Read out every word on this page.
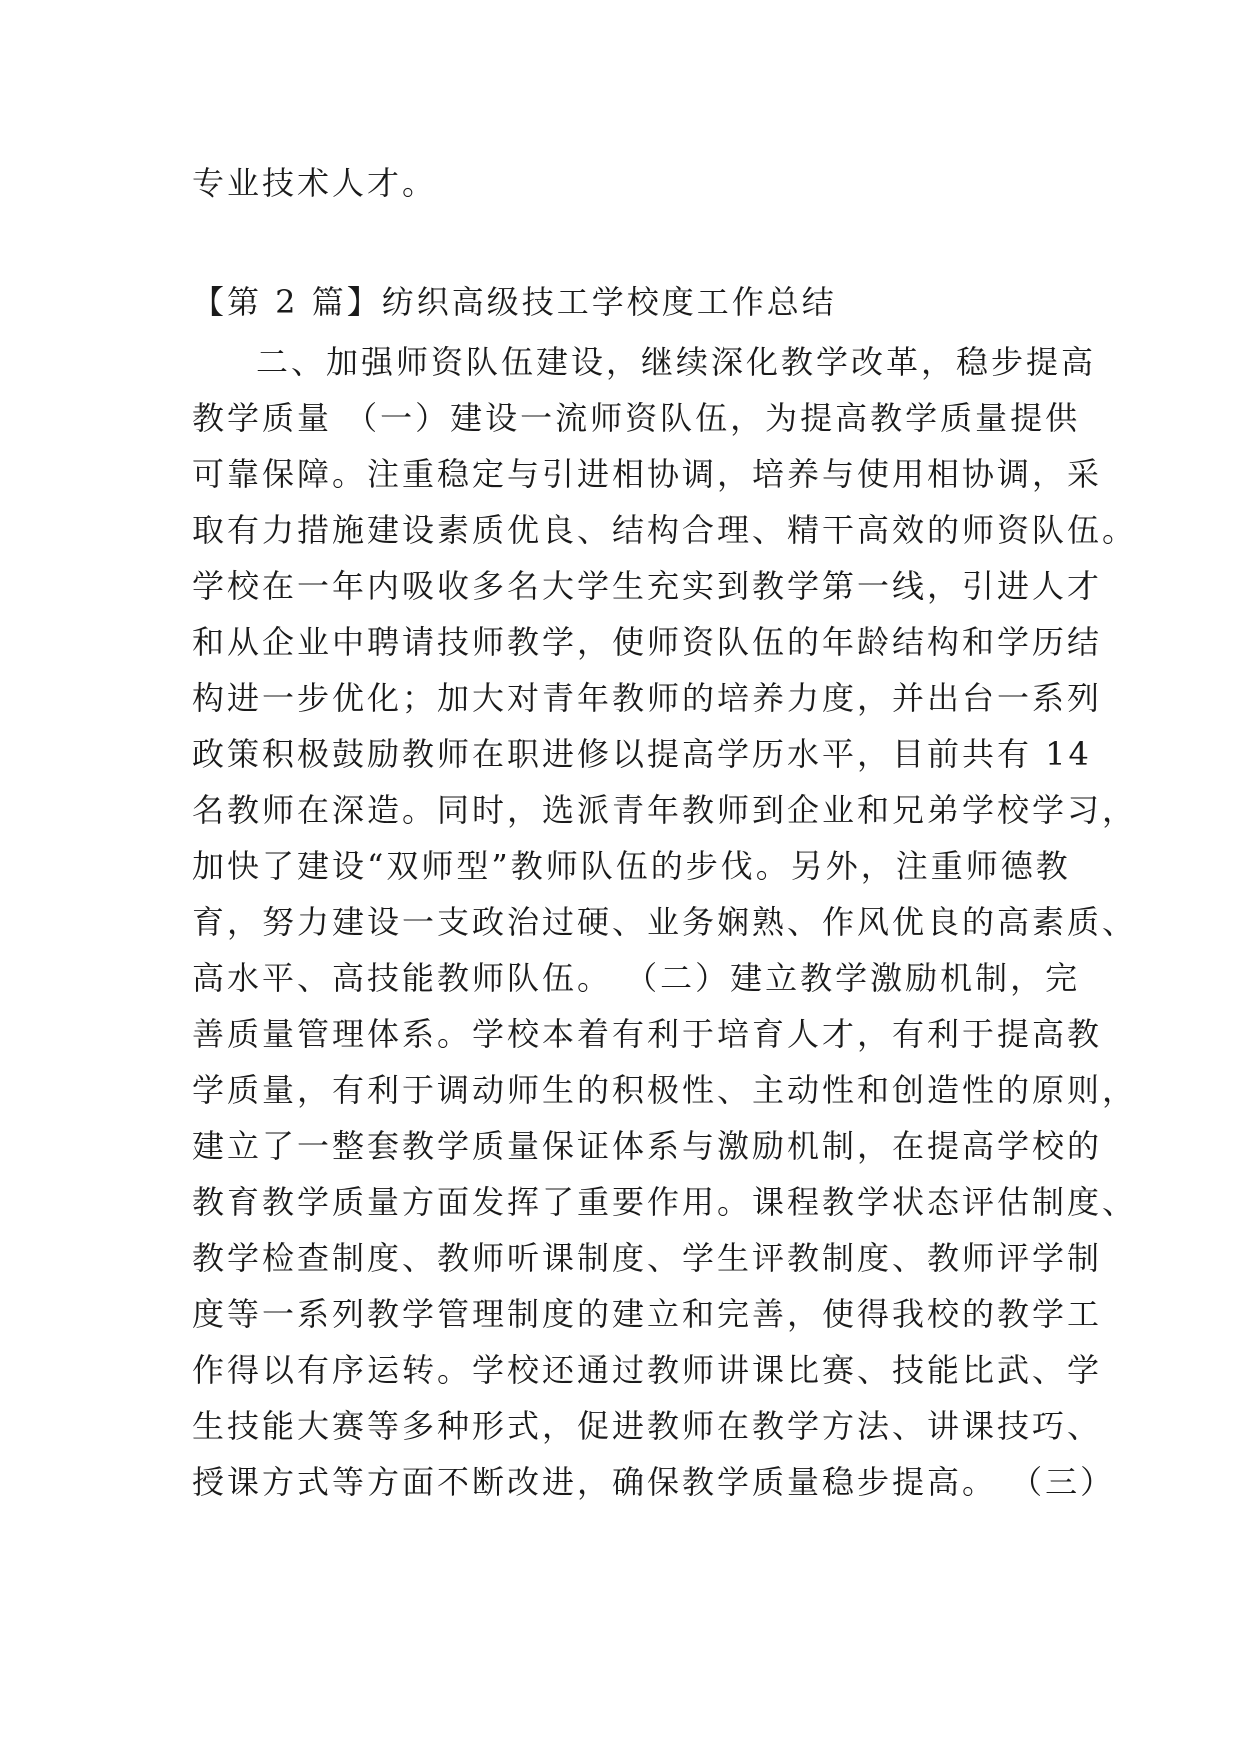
专业技术人才。
【第 2 篇】纺织高级技工学校度工作总结
二、加强师资队伍建设，继续深化教学改革，稳步提高
教学质量 （一）建设一流师资队伍，为提高教学质量提供
可靠保障。注重稳定与引进相协调，培养与使用相协调，采
取有力措施建设素质优良、结构合理、精干高效的师资队伍。
学校在一年内吸收多名大学生充实到教学第一线，引进人才
和从企业中聘请技师教学，使师资队伍的年龄结构和学历结
构进一步优化；加大对青年教师的培养力度，并出台一系列
政策积极鼓励教师在职进修以提高学历水平，目前共有 14
名教师在深造。同时，选派青年教师到企业和兄弟学校学习，
加快了建设“双师型”教师队伍的步伐。另外，注重师德教
育，努力建设一支政治过硬、业务娴熟、作风优良的高素质、
高水平、高技能教师队伍。 （二）建立教学激励机制，完
善质量管理体系。学校本着有利于培育人才，有利于提高教
学质量，有利于调动师生的积极性、主动性和创造性的原则，
建立了一整套教学质量保证体系与激励机制，在提高学校的
教育教学质量方面发挥了重要作用。课程教学状态评估制度、
教学检查制度、教师听课制度、学生评教制度、教师评学制
度等一系列教学管理制度的建立和完善，使得我校的教学工
作得以有序运转。学校还通过教师讲课比赛、技能比武、学
生技能大赛等多种形式，促进教师在教学方法、讲课技巧、
授课方式等方面不断改进，确保教学质量稳步提高。 （三）
